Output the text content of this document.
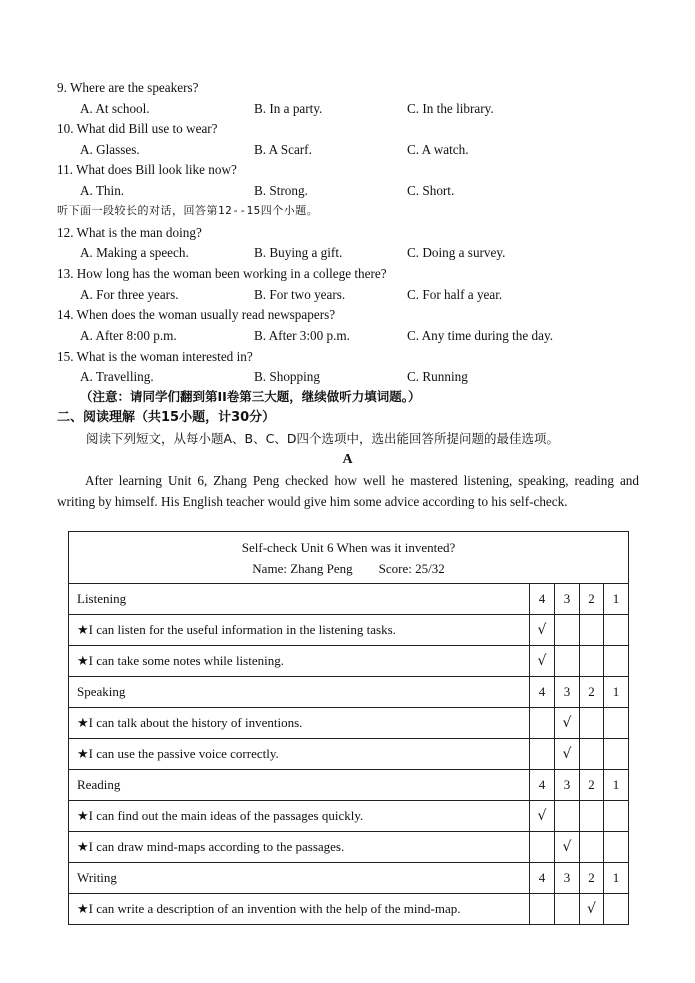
9. Where are the speakers?
A. At school.	B. In a party.	C. In the library.
10. What did Bill use to wear?
A. Glasses.	B. A Scarf.	C. A watch.
11. What does Bill look like now?
A. Thin.	B. Strong.	C. Short.
听下面一段较长的对话，回答第12--15四个小题。
12. What is the man doing?
A. Making a speech.	B. Buying a gift.	C. Doing a survey.
13. How long has the woman been working in a college there?
A. For three years.	B. For two years.	C. For half a year.
14. When does the woman usually read newspapers?
A. After 8:00 p.m.	B. After 3:00 p.m.	C. Any time during the day.
15. What is the woman interested in?
A. Travelling.	B. Shopping	C. Running
（注意：请同学们翻到第II卷第三大题，继续做听力填词题。）
二、阅读理解（共15小题，计30分）
阅读下列短文，从每小题A、B、C、D四个选项中，选出能回答所提问题的最佳选项。
A
After learning Unit 6, Zhang Peng checked how well he mastered listening, speaking, reading and writing by himself. His English teacher would give him some advice according to his self-check.
Self-check Unit 6 When was it invented?
Name: Zhang Peng        Score: 25/32				

Listening	4	3	2	1
★I can listen for the useful information in the listening tasks.	√			
★I can take some notes while listening.	√			
Speaking	4	3	2	1
★I can talk about the history of inventions.		√		
★I can use the passive voice correctly.		√		
Reading	4	3	2	1
★I can find out the main ideas of the passages quickly.	√			
★I can draw mind-maps according to the passages.		√		
Writing	4	3	2	1
★I can write a description of an invention with the help of the mind-map.			√	
